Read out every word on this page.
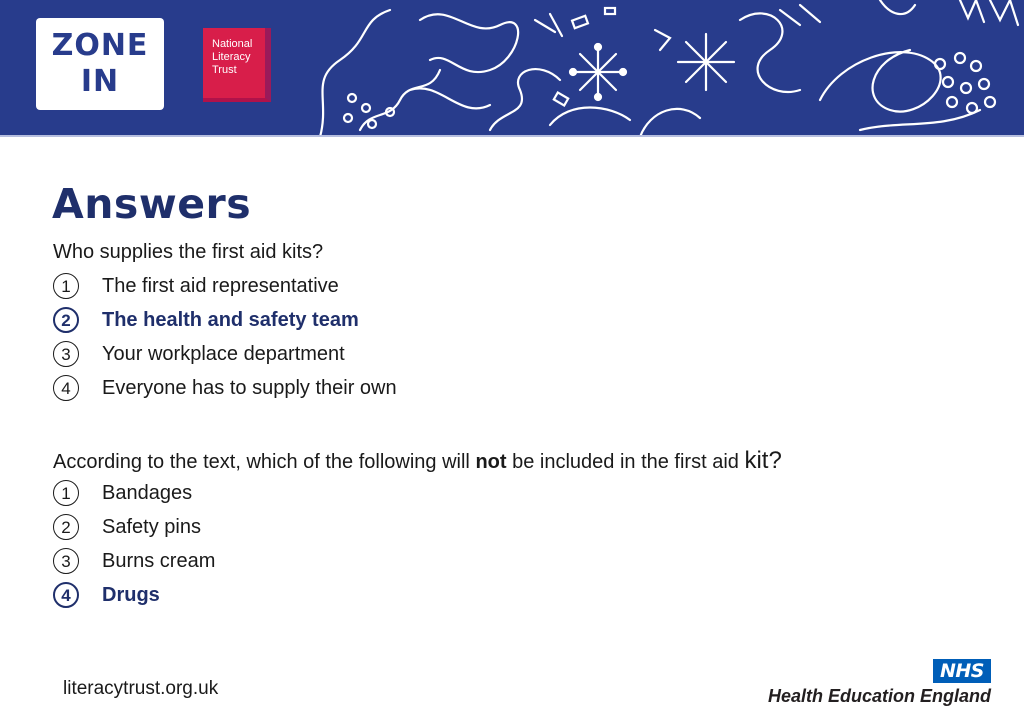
ZONE
IN
National
Literacy
Trust
Answers
Who supplies the first aid kits?
1	The first aid representative
2	The health and safety team
3	Your workplace department
4	Everyone has to supply their own
According to the text, which of the following will not be included in the first aid kit?
1	Bandages
2	Safety pins
3	Burns cream
4	Drugs
literacytrust.org.uk
NHS
Health Education England
